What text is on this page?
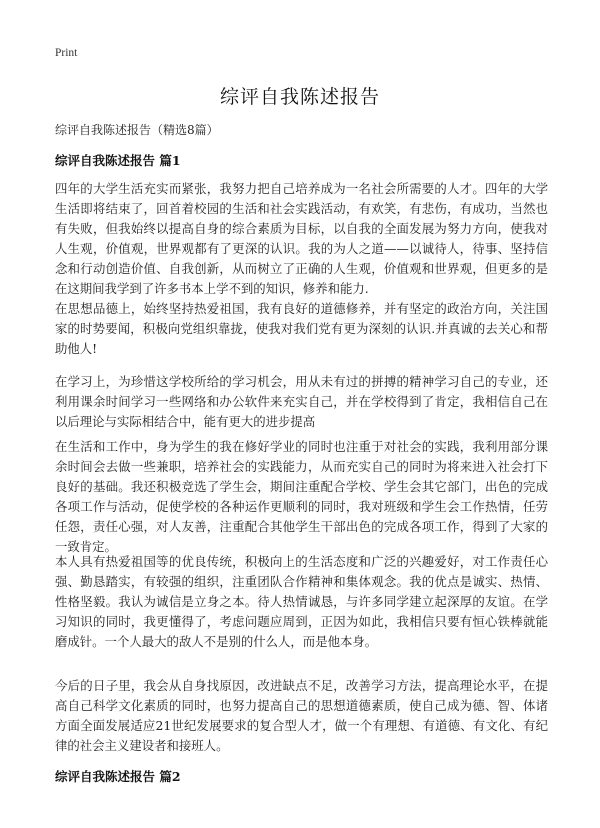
Print
综评自我陈述报告
综评自我陈述报告（精选8篇）
综评自我陈述报告 篇1

四年的大学生活充实而紧张，我努力把自己培养成为一名社会所需要的人才。四年的大学生活即将结束了，回首着校园的生活和社会实践活动，有欢笑，有悲伤，有成功，当然也有失败，但我始终以提高自身的综合素质为目标，以自我的全面发展为努力方向，使我对人生观，价值观，世界观都有了更深的认识。我的为人之道——以诚待人，待事、坚持信念和行动创造价值、自我创新，从而树立了正确的人生观，价值观和世界观，但更多的是在这期间我学到了许多书本上学不到的知识，修养和能力.

在思想品德上，始终坚持热爱祖国，我有良好的道德修养，并有坚定的政治方向，关注国家的时势要闻，积极向党组织靠拢，使我对我们党有更为深刻的认识.并真诚的去关心和帮助他人!

在学习上，为珍惜这学校所给的学习机会，用从未有过的拼搏的精神学习自己的专业，还利用课余时间学习一些网络和办公软件来充实自己，并在学校得到了肯定，我相信自己在以后理论与实际相结合中，能有更大的进步提高

在生活和工作中，身为学生的我在修好学业的同时也注重于对社会的实践，我利用部分课余时间会去做一些兼职，培养社会的实践能力，从而充实自己的同时为将来进入社会打下良好的基础。我还积极竞选了学生会，期间注重配合学校、学生会其它部门，出色的完成各项工作与活动，促使学校的各种运作更顺利的同时，我对班级和学生会工作热情，任劳任怨，责任心强，对人友善，注重配合其他学生干部出色的完成各项工作，得到了大家的一致肯定。

本人具有热爱祖国等的优良传统，积极向上的生活态度和广泛的兴趣爱好，对工作责任心强、勤恳踏实，有较强的组织，注重团队合作精神和集体观念。我的优点是诚实、热情、性格坚毅。我认为诚信是立身之本。待人热情诚恳，与许多同学建立起深厚的友谊。在学习知识的同时，我更懂得了，考虑问题应周到，正因为如此，我相信只要有恒心铁棒就能磨成针。一个人最大的敌人不是别的什么人，而是他本身。

今后的日子里，我会从自身找原因，改进缺点不足，改善学习方法，提高理论水平，在提高自己科学文化素质的同时，也努力提高自己的思想道德素质，使自己成为德、智、体诸方面全面发展适应21世纪发展要求的复合型人才，做一个有理想、有道德、有文化、有纪律的社会主义建设者和接班人。

综评自我陈述报告 篇2
